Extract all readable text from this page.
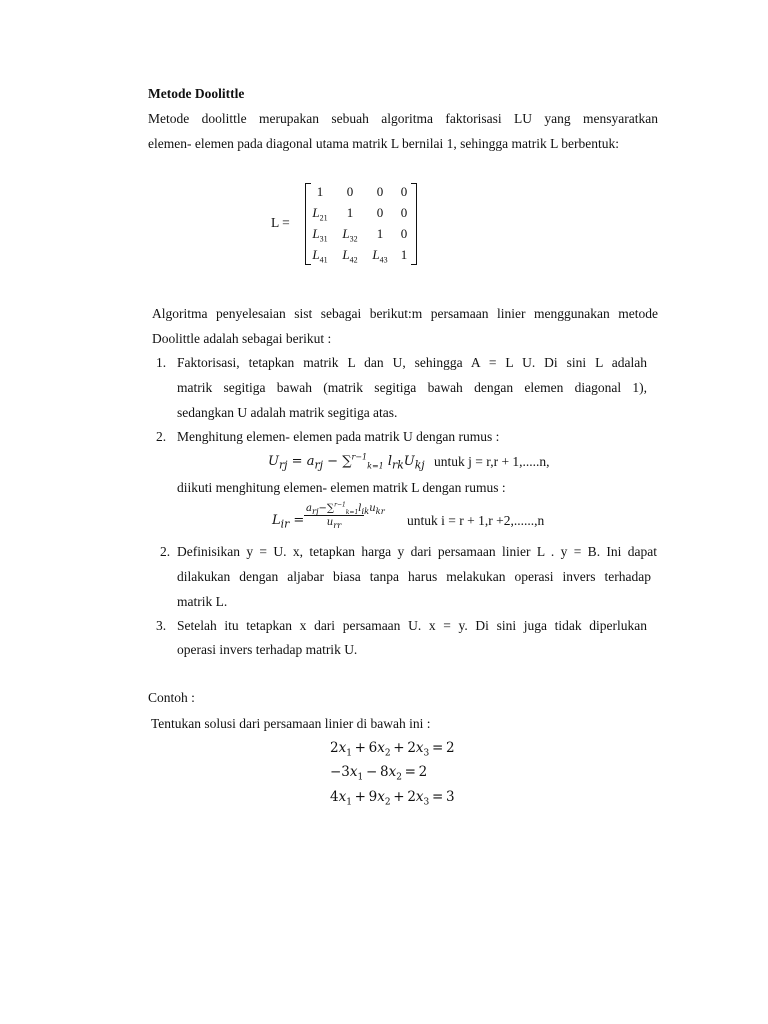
Metode Doolittle
Metode doolittle merupakan sebuah algoritma faktorisasi LU yang mensyaratkan
elemen- elemen pada diagonal utama matrik L bernilai 1, sehingga matrik L berbentuk:
L =
1	0	0	0
$L_{21}$	1	0	0
$L_{31}$	$L_{32}$	1	0
$L_{41}$	$L_{42}$	$L_{43}$	1
Algoritma penyelesaian sist sebagai berikut:m persamaan linier menggunakan metode
Doolittle adalah sebagai berikut :
1. Faktorisasi, tetapkan matrik L dan U, sehingga A = L U. Di sini L adalah
matrik segitiga bawah (matrik segitiga bawah dengan elemen diagonal 1),
sedangkan U adalah matrik segitiga atas.
2. Menghitung elemen- elemen pada matrik U dengan rumus :
$U_{rj} = a_{rj} - \sum^{r-1}_{k=1}$ $l_{rk}U_{kj}$ untuk j = r,r + 1,.....n,
diikuti menghitung elemen- elemen matrik L dengan rumus :
$L_{ir}$ =
$a_{rj}-\sum^{r-1}_{k=1}l_{ik}u_{kr}$
$u_{rr}$	untuk i = r + 1,r +2,......,n
2. Definisikan y = U. x, tetapkan harga y dari persamaan linier L . y = B. Ini dapat
dilakukan dengan aljabar biasa tanpa harus melakukan operasi invers terhadap
matrik L.
3. Setelah itu tetapkan x dari persamaan U. x = y. Di sini juga tidak diperlukan
operasi invers terhadap matrik U.
Contoh :
Tentukan solusi dari persamaan linier di bawah ini :
$2x_1 + 6x_2 + 2x_3 = 2$
$-3x_1 - 8x_2 = 2$
$4x_1 + 9x_2 + 2x_3 = 3$
